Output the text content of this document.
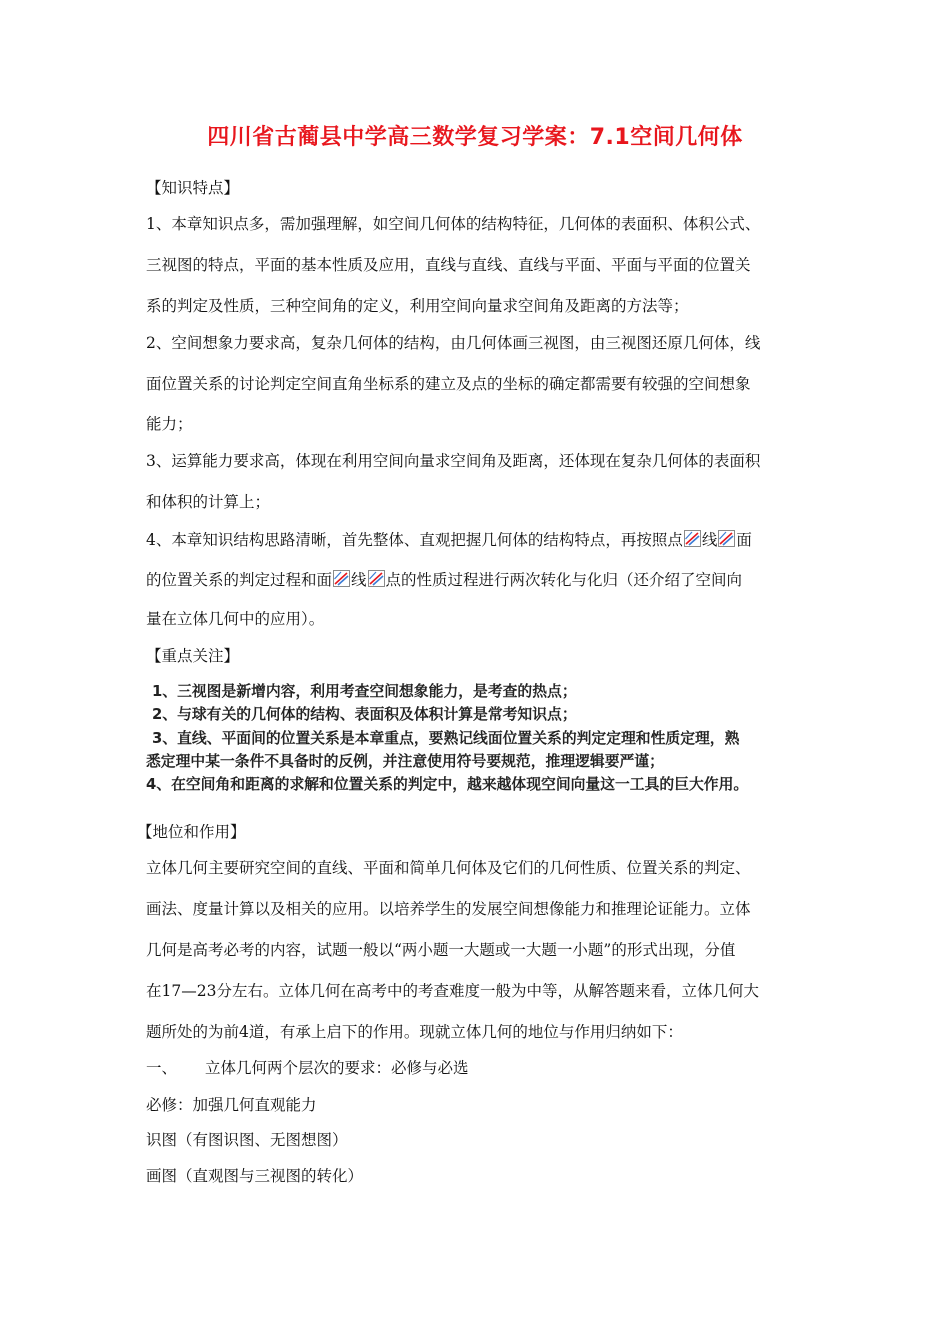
四川省古蔺县中学高三数学复习学案：7.1空间几何体
【知识特点】
1、本章知识点多，需加强理解，如空间几何体的结构特征，几何体的表面积、体积公式、
三视图的特点，平面的基本性质及应用，直线与直线、直线与平面、平面与平面的位置关
系的判定及性质，三种空间角的定义，利用空间向量求空间角及距离的方法等；
2、空间想象力要求高，复杂几何体的结构，由几何体画三视图，由三视图还原几何体，线
面位置关系的讨论判定空间直角坐标系的建立及点的坐标的确定都需要有较强的空间想象
能力；
3、运算能力要求高，体现在利用空间向量求空间角及距离，还体现在复杂几何体的表面积
和体积的计算上；
4、本章知识结构思路清晰，首先整体、直观把握几何体的结构特点，再按照点 线 面
的位置关系的判定过程和面 线 点的性质过程进行两次转化与化归（还介绍了空间向
量在立体几何中的应用）。
【重点关注】
1、三视图是新增内容，利用考查空间想象能力，是考查的热点；
2、与球有关的几何体的结构、表面积及体积计算是常考知识点；
3、直线、平面间的位置关系是本章重点，要熟记线面位置关系的判定定理和性质定理，熟
悉定理中某一条件不具备时的反例，并注意使用符号要规范，推理逻辑要严谨；
4、在空间角和距离的求解和位置关系的判定中，越来越体现空间向量这一工具的巨大作用。
【地位和作用】
立体几何主要研究空间的直线、平面和简单几何体及它们的几何性质、位置关系的判定、
画法、度量计算以及相关的应用。以培养学生的发展空间想像能力和推理论证能力。立体
几何是高考必考的内容，试题一般以“两小题一大题或一大题一小题”的形式出现，分值
在17—23分左右。立体几何在高考中的考查难度一般为中等，从解答题来看，立体几何大
题所处的为前4道，有承上启下的作用。现就立体几何的地位与作用归纳如下：
一、 立体几何两个层次的要求：必修与必选
必修：加强几何直观能力
识图（有图识图、无图想图）
画图（直观图与三视图的转化）
